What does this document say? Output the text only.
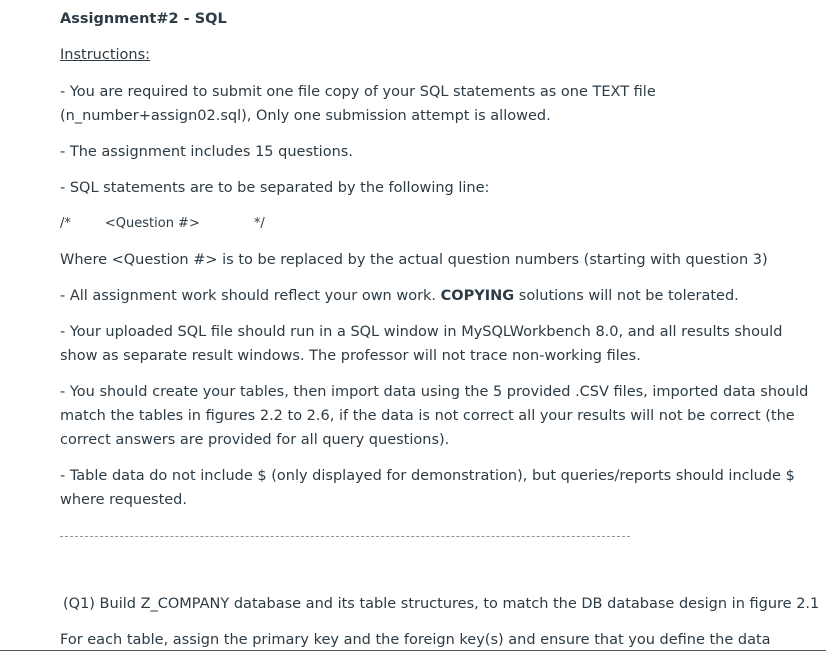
Assignment#2 - SQL
Instructions:
- You are required to submit one file copy of your SQL statements as one TEXT file
(n_number+assign02.sql), Only one submission attempt is allowed.
- The assignment includes 15 questions.
- SQL statements are to be separated by the following line:
/*	<Question #>	*/
Where <Question #> is to be replaced by the actual question numbers (starting with question 3)
- All assignment work should reflect your own work. COPYING solutions will not be tolerated.
- Your uploaded SQL file should run in a SQL window in MySQLWorkbench 8.0, and all results should
show as separate result windows. The professor will not trace non-working files.
- You should create your tables, then import data using the 5 provided .CSV files, imported data should
match the tables in figures 2.2 to 2.6, if the data is not correct all your results will not be correct (the
correct answers are provided for all query questions).
- Table data do not include $ (only displayed for demonstration), but queries/reports should include $
where requested.
(Q1) Build Z_COMPANY database and its table structures, to match the DB database design in figure 2.1
For each table, assign the primary key and the foreign key(s) and ensure that you define the data
